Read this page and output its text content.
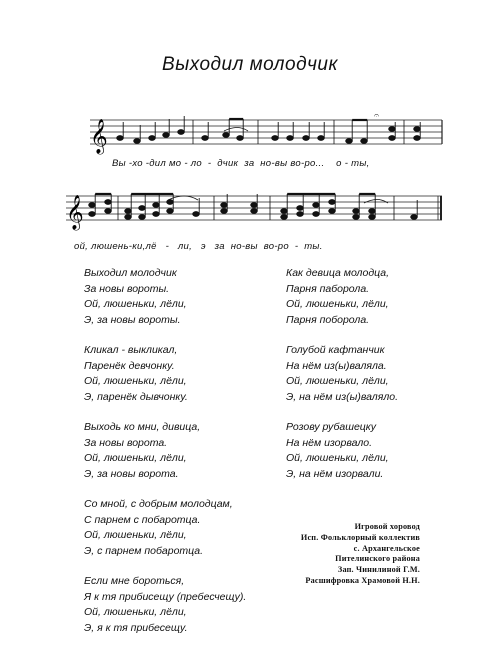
Выходил молодчик
𝄞
𝄐
Вы -хо -дил мо - ло  -  дчик  за  но-вы во-ро...    о - ты,
𝄞
ой, люшень-ки,лё   -   ли,   э   за  но-вы  во-ро  -  ты.
Выходил молодчик
За новы вороты.
Ой, люшеньки, лёли,
Э, за новы вороты.
Кликал - выкликал,
Паренёк девчонку.
Ой, люшеньки, лёли,
Э, паренёк дывчонку.
Выходь ко мни, дивица,
За новы ворота.
Ой, люшеньки, лёли,
Э, за новы ворота.
Со мной, с добрым молодцам,
С парнем с побаротца.
Ой, люшеньки, лёли,
Э, с парнем побаротца.
Если мне бороться,
Я к тя прибисещу (пребесчещу).
Ой, люшеньки, лёли,
Э, я к тя прибесещу.
Как девица молодца,
Парня паборола.
Ой, люшеньки, лёли,
Парня поборола.
Голубой кафтанчик
На нём из(ы)валяла.
Ой, люшеньки, лёли,
Э, на нём из(ы)валяло.
Розову рубашецку
На нём изорвало.
Ой, люшеньки, лёли,
Э, на нём изорвали.
Игровой хоровод
Исп. Фольклорный коллектив
с. Архангельское
Пителинского района
Зап. Чинилиной Г.М.
Расшифровка Храмовой Н.Н.
